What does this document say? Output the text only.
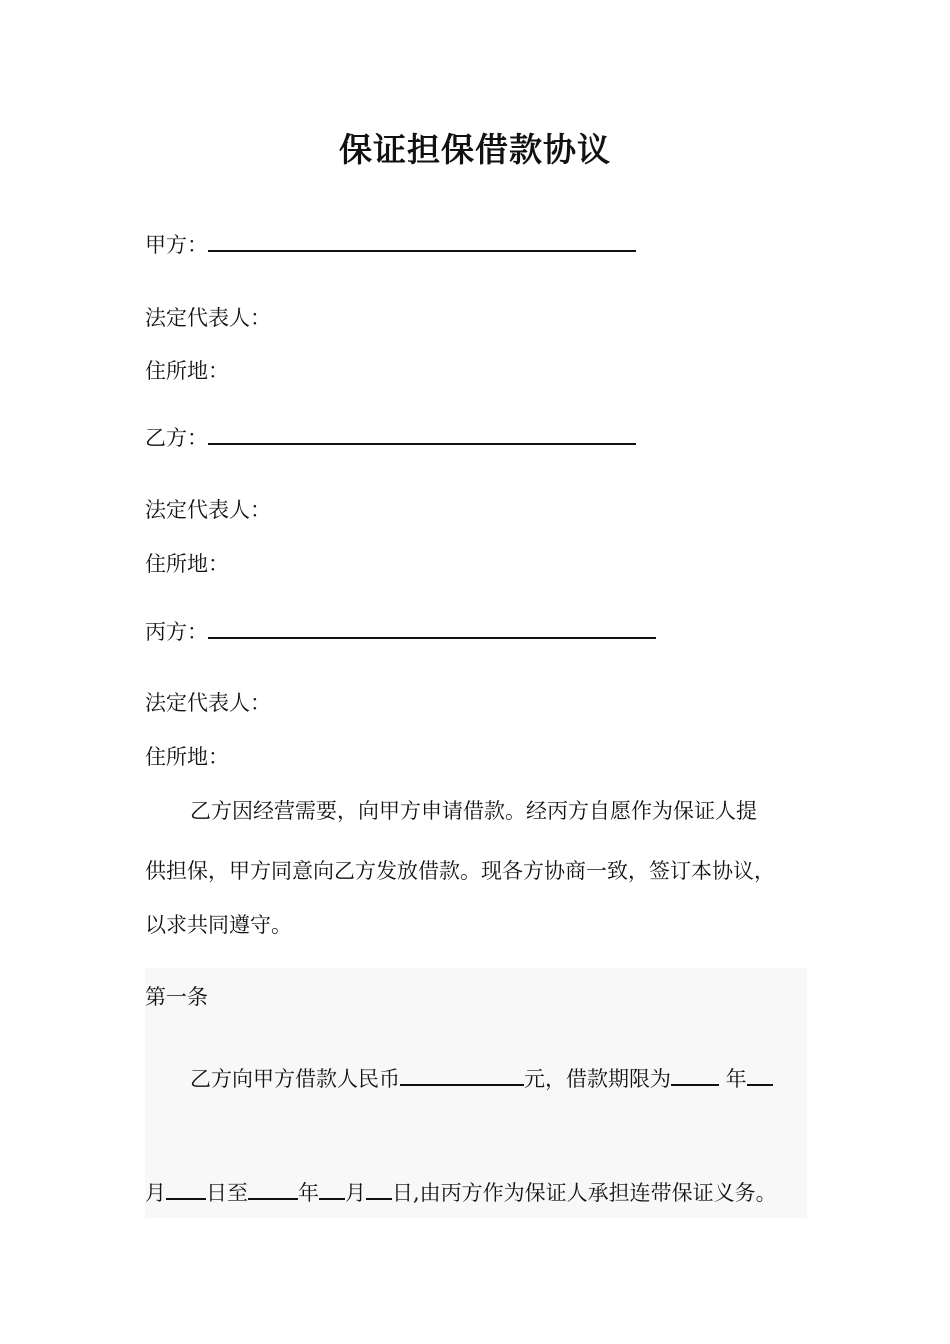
保证担保借款协议
甲方：
法定代表人：
住所地：
乙方：
法定代表人：
住所地：
丙方：
法定代表人：
住所地：
乙方因经营需要，向甲方申请借款。经丙方自愿作为保证人提
供担保，甲方同意向乙方发放借款。现各方协商一致，签订本协议，
以求共同遵守。
第一条
乙方向甲方借款人民币	元，借款期限为 年
月 日至 年 月 日,由丙方作为保证人承担连带保证义务。
